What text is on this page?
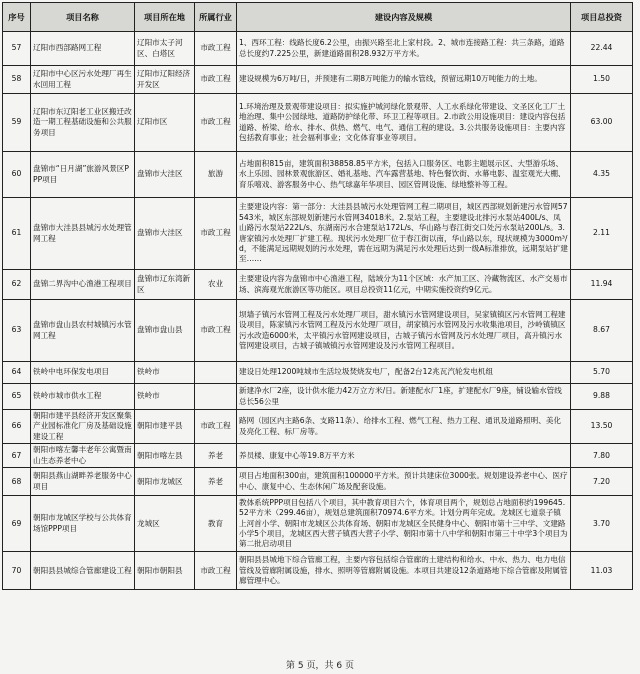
序号	项目名称	项目所在地	所属行业	建设内容及规模	项目总投资
57	辽阳市西部路网工程	辽阳市太子河区、白塔区	市政工程	1、西环工程：线路长度6.2公里，由振兴路至北上家村段。2、城市连接路工程：共三条路，道路总长度约7.225公里，新建道路面积28.932万平方米。	22.44
58	辽阳市中心区污水处理厂再生水回用工程	辽阳市辽阳经济开发区	市政工程	建设规模为6万吨/日，并预建有二期8万吨能力的输水管线，预留远期10万吨能力的土地。	1.50
59	辽阳市东辽阳老工业区搬迁改造一期工程基础设施和公共服务项目	辽阳市区	市政工程	1.环境治理及景观带建设项目：拟实施护城河绿化景观带、人工水系绿化带建设、文圣区化工厂土地治理、集中公园绿地、道路防护绿化带、环卫工程等项目。2.市政公用设施项目：建设内容包括道路、桥梁、给水、排水、供热、燃气、电气、通信工程的建设。3.公共服务设施项目：主要内容包括教育事业；社会福利事业；文化体育事业等项目。	63.00
60	盘锦市“日月湖”旅游风景区PPP项目	盘锦市大洼区	旅游	占地面积815亩，建筑面积38858.85平方米，包括入口服务区、电影主题展示区、大型游乐场、水上乐园、园林景观旅游区、婚礼基地、汽车露营基地、特色餐饮街、水幕电影、温室观光大棚、育乐嘻戏、游客服务中心、热气球嘉年华项目、园区管网设施、绿地整补等工程。	4.35
61	盘锦市大洼县县城污水处理管网工程	盘锦市大洼区	市政工程	主要建设内容：第一部分：大洼县县城污水处理管网工程二期项目，城区西部规划新建污水管网57543米，城区东部规划新建污水管网34018米。2.泵站工程，主要建设北排污水泵站400L/s、凤山路污水泵站222L/s、东湖南污水合建泵站172L/s、华山路与春江街交口处污水泵站200L/s。3.唐家镇污水处理厂扩建工程。现状污水处理厂位于春江街以南，华山路以东，现状规模为3000m³/d，不能满足远期规划的污水处理，需在远期为满足污水处理后达到一级A标准排放，远期泵站扩建至……	2.11
62	盘锦二界沟中心渔港工程项目	盘锦市辽东湾新区	农业	主要建设内容为盘锦市中心渔港工程，陆域分为11个区域：水产加工区、冷藏物流区、水产交易市场、滨海观光旅游区等功能区。项目总投资11亿元，中期实施投资约9亿元。	11.94
63	盘锦市盘山县农村城镇污水管网工程	盘锦市盘山县	市政工程	坝墙子镇污水管网工程及污水处理厂项目，甜水镇污水管网建设项目，吴家镇镇区污水管网工程建设项目，陈家镇污水管网工程及污水处理厂项目，胡家镇污水管网及污水收集池项目，沙岭镇镇区污水改造6000米，太平镇污水管网建设项目，古城子镇污水管网及污水处理厂项目，高升镇污水管网建设项目，古城子镇城镇污水管网建设及污水管网工程项目。	8.67
64	铁岭中电环保发电项目	铁岭市		建设日处理1200吨城市生活垃圾焚烧发电厂，配备2台12兆瓦汽轮发电机组	5.70
65	铁岭市城市供水工程	铁岭市		新建净水厂2座，设计供水能力42万立方米/日。新建配水厂1座，扩建配水厂9座，铺设输水管线总长56公里	9.88
66	朝阳市建平县经济开发区聚集产业园标准化厂房及基础设施建设工程	朝阳市建平县	市政工程	路网（园区内主路6条、支路11条）、给排水工程、燃气工程、热力工程、通讯及道路照明、美化及亮化工程、标厂房等。	13.50
67	朝阳市喀左馨丰老年公寓暨南山生态养老中心	朝阳市喀左县	养老	养员楼、康复中心等19.8万平方米	7.80
68	朝阳县燕山湖畔养老服务中心项目	朝阳市龙城区	养老	项目占地面积300亩，建筑面积100000平方米。预计共建床位3000张。规划建设养老中心、医疗中心、康复中心、生态休闲广场及配套设施。	7.20
69	朝阳市龙城区学校与公共体育场馆PPP项目	龙城区	教育	教体系统PPP项目包括八个项目，其中教育项目六个，体育项目两个，规划总占地面积约199645.52平方米（299.46亩），规划总建筑面积70974.6平方米。计划分两年完成。龙城区七道泉子镇上河首小学、朝阳市龙城区公共体育场、朝阳市龙城区全民健身中心、朝阳市第十三中学、文建路小学5个项目，龙城区西大营子镇西大营子小学、朝阳市第十八中学和朝阳市第三十中学3个项目为第二批启动项目	3.70
70	朝阳县县城综合管廊建设工程	朝阳市朝阳县	市政工程	朝阳县县城地下综合管廊工程，主要内容包括综合管廊的土建结构和给水、中水、热力、电力电信管线及管廊附属设施，排水、照明等管廊附属设施。本项目共建设12条道路地下综合管廊及附属管廊管理中心。	11.03
第 5 页，共 6 页
